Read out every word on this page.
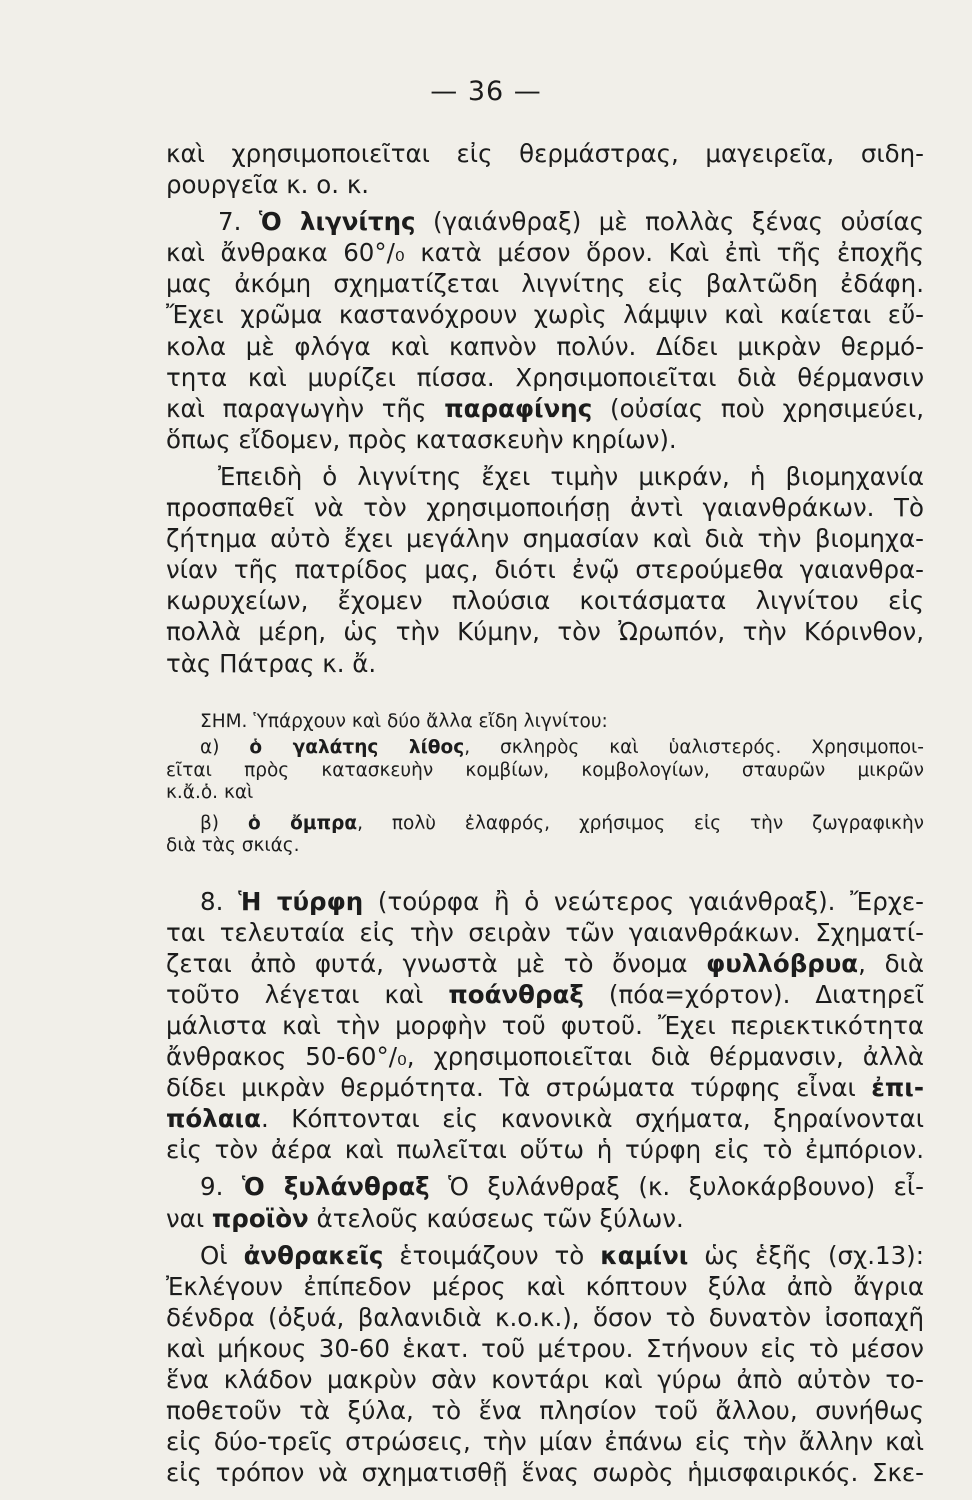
— 36 —
καὶ χρησιμοποιεῖται εἰς θερμάστρας, μαγειρεῖα, σιδη-
ρουργεῖα κ. ο. κ.
7. Ὁ λιγνίτης (γαιάνθραξ) μὲ πολλὰς ξένας οὐσίας
καὶ ἄνθρακα 60°/₀ κατὰ μέσον ὅρον. Καὶ ἐπὶ τῆς ἐποχῆς
μας ἀκόμη σχηματίζεται λιγνίτης εἰς βαλτῶδη ἐδάφη.
Ἔχει χρῶμα καστανόχρουν χωρὶς λάμψιν καὶ καίεται εὔ-
κολα μὲ φλόγα καὶ καπνὸν πολύν. Δίδει μικρὰν θερμό-
τητα καὶ μυρίζει πίσσα. Χρησιμοποιεῖται διὰ θέρμανσιν
καὶ παραγωγὴν τῆς παραφίνης (οὐσίας ποὺ χρησιμεύει,
ὅπως εἴδομεν, πρὸς κατασκευὴν κηρίων).
Ἐπειδὴ ὁ λιγνίτης ἔχει τιμὴν μικράν, ἡ βιομηχανία
προσπαθεῖ νὰ τὸν χρησιμοποιήσῃ ἀντὶ γαιανθράκων. Τὸ
ζήτημα αὐτὸ ἔχει μεγάλην σημασίαν καὶ διὰ τὴν βιομηχα-
νίαν τῆς πατρίδος μας, διότι ἐνῷ στερούμεθα γαιανθρα-
κωρυχείων, ἔχομεν πλούσια κοιτάσματα λιγνίτου εἰς
πολλὰ μέρη, ὡς τὴν Κύμην, τὸν Ὠρωπόν, τὴν Κόρινθον,
τὰς Πάτρας κ. ἄ.
ΣΗΜ. Ὑπάρχουν καὶ δύο ἄλλα εἴδη λιγνίτου:
α) ὁ γαλάτης λίθος, σκληρὸς καὶ ὑαλιστερός. Χρησιμοποι-
εῖται πρὸς κατασκευὴν κομβίων, κομβολογίων, σταυρῶν μικρῶν
κ.ἄ.ὁ. καὶ
β) ὁ ὄμπρα, πολὺ ἐλαφρός, χρήσιμος εἰς τὴν ζωγραφικὴν
διὰ τὰς σκιάς.
8. Ἡ τύρφη (τούρφα ἢ ὁ νεώτερος γαιάνθραξ). Ἔρχε-
ται τελευταία εἰς τὴν σειρὰν τῶν γαιανθράκων. Σχηματί-
ζεται ἀπὸ φυτά, γνωστὰ μὲ τὸ ὄνομα φυλλόβρυα, διὰ
τοῦτο λέγεται καὶ ποάνθραξ (πόα=χόρτον). Διατηρεῖ
μάλιστα καὶ τὴν μορφὴν τοῦ φυτοῦ. Ἔχει περιεκτικότητα
ἄνθρακος 50-60°/₀, χρησιμοποιεῖται διὰ θέρμανσιν, ἀλλὰ
δίδει μικρὰν θερμότητα. Τὰ στρώματα τύρφης εἶναι ἐπι-
πόλαια. Κόπτονται εἰς κανονικὰ σχήματα, ξηραίνονται
εἰς τὸν ἀέρα καὶ πωλεῖται οὕτω ἡ τύρφη εἰς τὸ ἐμπόριον.
9. Ὁ ξυλάνθραξ Ὁ ξυλάνθραξ (κ. ξυλοκάρβουνο) εἶ-
ναι προϊὸν ἀτελοῦς καύσεως τῶν ξύλων.
Οἱ ἀνθρακεῖς ἑτοιμάζουν τὸ καμίνι ὡς ἑξῆς (σχ.13):
Ἐκλέγουν ἐπίπεδον μέρος καὶ κόπτουν ξύλα ἀπὸ ἄγρια
δένδρα (ὀξυά, βαλανιδιὰ κ.ο.κ.), ὅσον τὸ δυνατὸν ἰσοπαχῆ
καὶ μήκους 30-60 ἑκατ. τοῦ μέτρου. Στήνουν εἰς τὸ μέσον
ἕνα κλάδον μακρὺν σὰν κοντάρι καὶ γύρω ἀπὸ αὐτὸν το-
ποθετοῦν τὰ ξύλα, τὸ ἕνα πλησίον τοῦ ἄλλου, συνήθως
εἰς δύο-τρεῖς στρώσεις, τὴν μίαν ἐπάνω εἰς τὴν ἄλλην καὶ
εἰς τρόπον νὰ σχηματισθῇ ἕνας σωρὸς ἡμισφαιρικός. Σκε-
